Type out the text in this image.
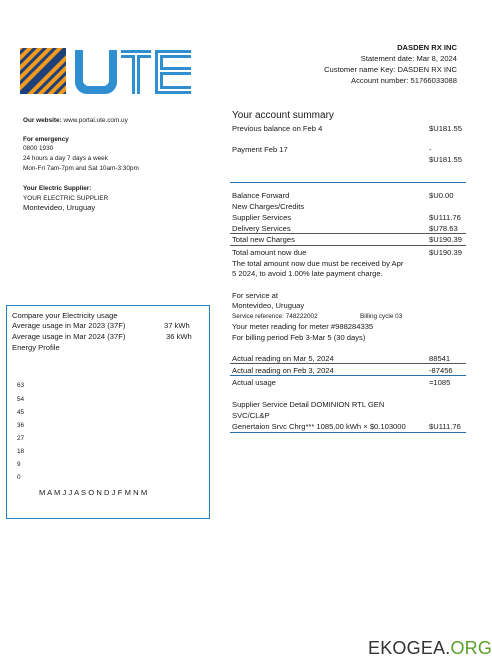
DASDEN RX INC
Statement date: Mar 8, 2024
Customer name Key: DASDEN RX INC
Account number: 51766033088
Our website: www.portal.ute.com.uy
For emergency
0800 1930
24 hours a day 7 days a week
Mon-Fri 7am-7pm and Sat 10am-3:30pm
Your Electric Supplier:
YOUR ELECTRIC SUPPLIER
Montevideo, Uruguay
Your account summary
Previous balance on Feb 4	$U181.55
Payment Feb 17	-
$U181.55
Balance Forward	$U0.00
New Charges/Credits
Supplier Services	$U111.76
Delivery Services	$U78.63
Total new Charges	$U190.39
Total amount now due	$U190.39
The total amount now due must be received by Apr
5 2024, to avoid 1.00% late payment charge.
For service at
Montevideo, Uruguay
Service reference: 748222002	Billing cycle 03
Your meter reading for meter #988284335
For billing period Feb 3-Mar 5 (30 days)
Actual reading on Mar 5, 2024	88541
Actual reading on Feb 3, 2024	-87456
Actual usage	=1085
Supplier Service Detail DOMINION RTL GEN
SVC/CL&P
Genertaion Srvc Chrg*** 1085.00 kWh × $0.103000	$U111.76
Compare your Electricity usage
Average usage in Mar 2023 (37F)	37 kWh
Average usage in Mar 2024 (37F)	36 kWh
Energy Profile
63
54
45
36
27
18
9
0
M A M J J A S O N D J F M N M
EKOGEA.ORG
